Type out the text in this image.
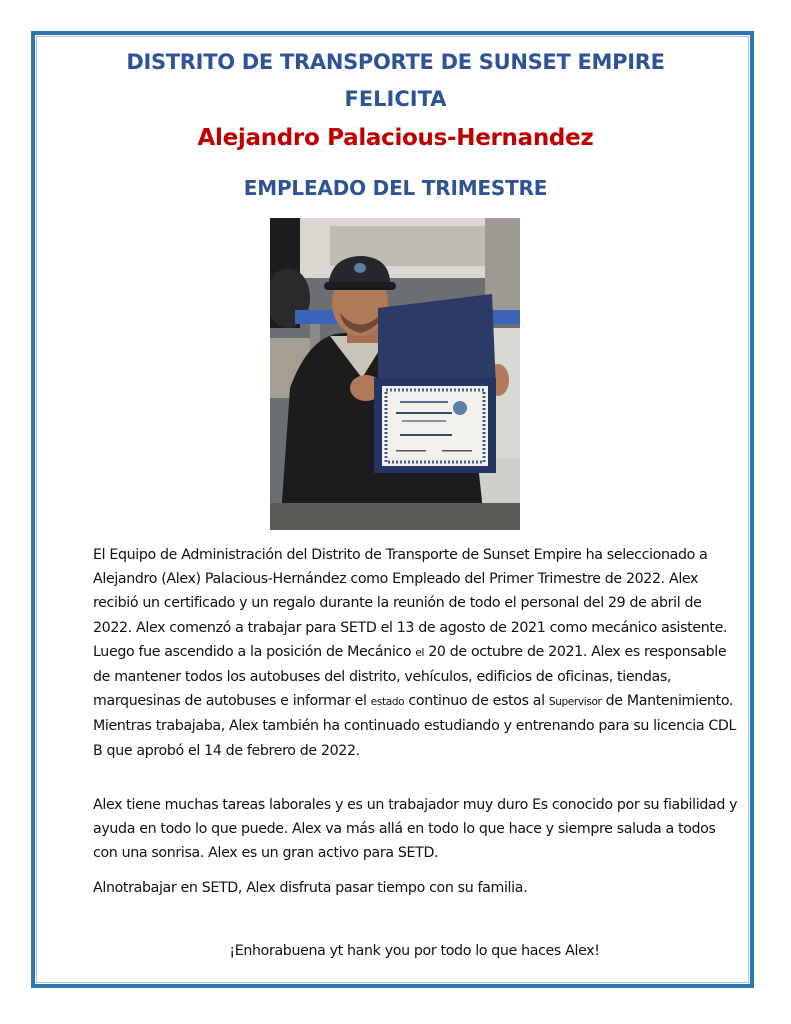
DISTRITO DE TRANSPORTE DE SUNSET EMPIRE
FELICITA
Alejandro Palacious-Hernandez
EMPLEADO DEL TRIMESTRE
El Equipo de Administración del Distrito de Transporte de Sunset Empire ha seleccionado a Alejandro (Alex) Palacious-Hernández como Empleado del Primer Trimestre de 2022. Alex recibió un certificado y un regalo durante la reunión de todo el personal del 29 de abril de 2022. Alex comenzó a trabajar para SETD el 13 de agosto de 2021 como mecánico asistente. Luego fue ascendido a la posición de Mecánico el 20 de octubre de 2021. Alex es responsable de mantener todos los autobuses del distrito, vehículos, edificios de oficinas, tiendas, marquesinas de autobuses e informar el estado continuo de estos al Supervisor de Mantenimiento. Mientras trabajaba, Alex también ha continuado estudiando y entrenando para su licencia CDL B que aprobó el 14 de febrero de 2022.
Alex tiene muchas tareas laborales y es un trabajador muy duro Es conocido por su fiabilidad y ayuda en todo lo que puede. Alex va más allá en todo lo que hace y siempre saluda a todos con una sonrisa. Alex es un gran activo para SETD.
Alnotrabajar en SETD, Alex disfruta pasar tiempo con su familia.
¡Enhorabuena yt hank you por todo lo que haces Alex!
